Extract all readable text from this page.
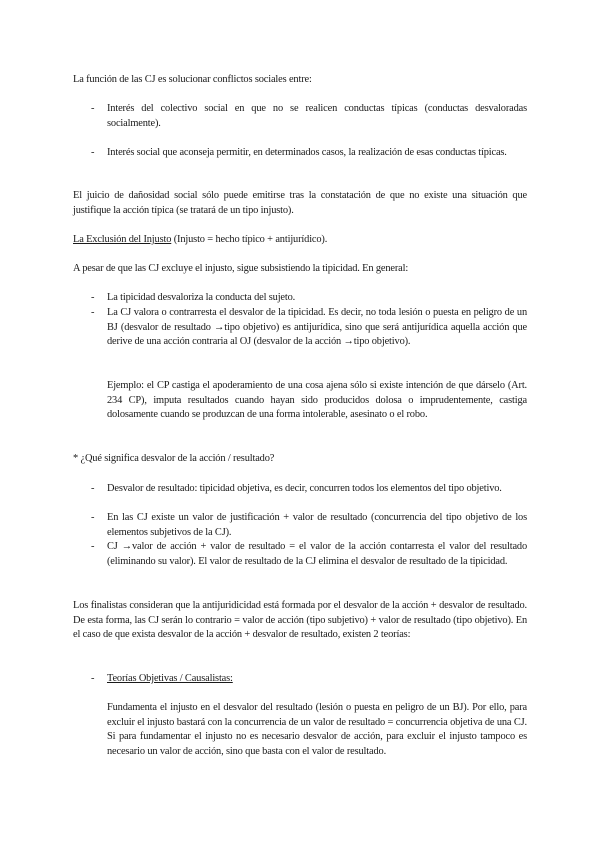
La función de las CJ es solucionar conflictos sociales entre:

- Interés del colectivo social en que no se realicen conductas típicas (conductas desvaloradas socialmente).

- Interés social que aconseja permitir, en determinados casos, la realización de esas conductas típicas.

El juicio de dañosidad social sólo puede emitirse tras la constatación de que no existe una situación que justifique la acción típica (se tratará de un tipo injusto).

La Exclusión del Injusto (Injusto = hecho típico + antijurídico).

A pesar de que las CJ excluye el injusto, sigue subsistiendo la tipicidad. En general:

- La tipicidad desvaloriza la conducta del sujeto.

- La CJ valora o contrarresta el desvalor de la tipicidad. Es decir, no toda lesión o puesta en peligro de un BJ (desvalor de resultado →tipo objetivo) es antijurídica, sino que será antijurídica aquella acción que derive de una acción contraria al OJ (desvalor de la acción →tipo objetivo).

Ejemplo: el CP castiga el apoderamiento de una cosa ajena sólo si existe intención de que dárselo (Art. 234 CP), imputa resultados cuando hayan sido producidos dolosa o imprudentemente, castiga dolosamente cuando se produzcan de una forma intolerable, asesinato o el robo.

* ¿Qué significa desvalor de la acción / resultado?

- Desvalor de resultado: tipicidad objetiva, es decir, concurren todos los elementos del tipo objetivo.

- En las CJ existe un valor de justificación + valor de resultado (concurrencia del tipo objetivo de los elementos subjetivos de la CJ).

- CJ →valor de acción + valor de resultado = el valor de la acción contarresta el valor del resultado (eliminando su valor). El valor de resultado de la CJ elimina el desvalor de resultado de la tipicidad.

Los finalistas consideran que la antijuridicidad está formada por el desvalor de la acción + desvalor de resultado. De esta forma, las CJ serán lo contrario = valor de acción (tipo subjetivo) + valor de resultado (tipo objetivo). En el caso de que exista desvalor de la acción + desvalor de resultado, existen 2 teorías:

- Teorías Objetivas / Causalistas:

Fundamenta el injusto en el desvalor del resultado (lesión o puesta en peligro de un BJ). Por ello, para excluir el injusto bastará con la concurrencia de un valor de resultado = concurrencia objetiva de una CJ. Si para fundamentar el injusto no es necesario desvalor de acción, para excluir el injusto tampoco es necesario un valor de acción, sino que basta con el valor de resultado.
